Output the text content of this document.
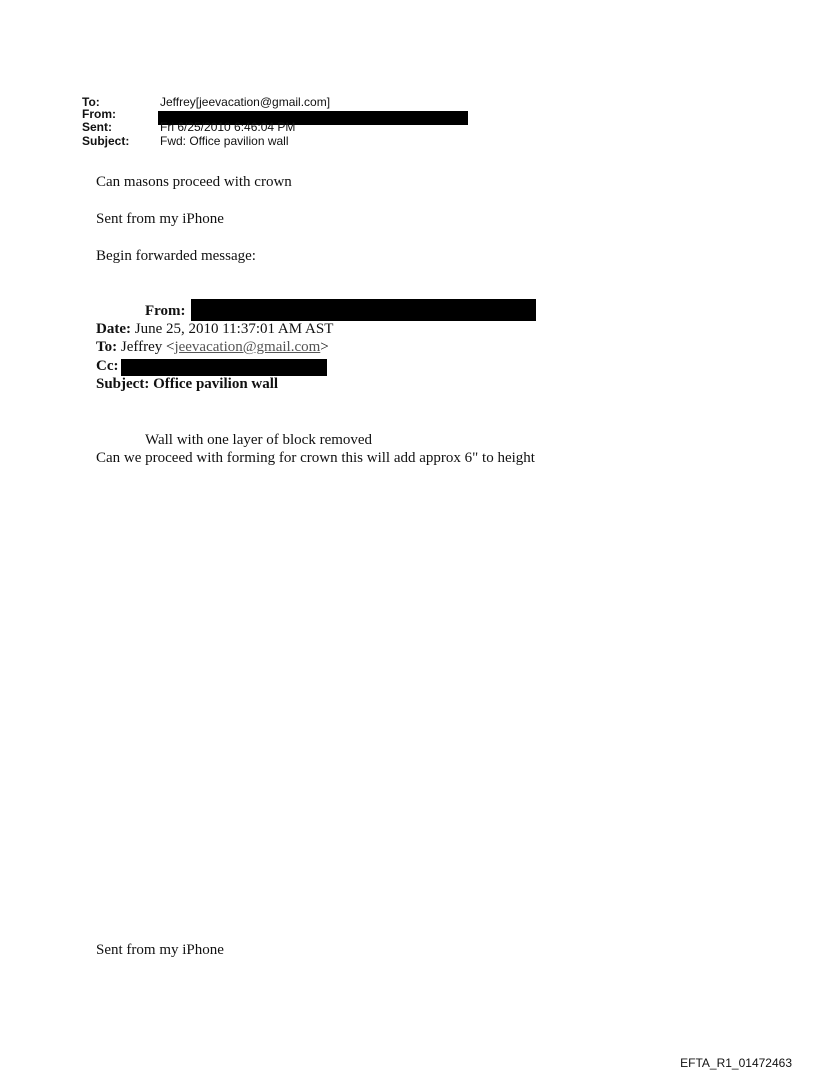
To:	Jeffrey[jeevacation@gmail.com]
From:
Sent:	Fri 6/25/2010 6:46:04 PM
Subject:	Fwd: Office pavilion wall
Can masons proceed with crown
Sent from my iPhone
Begin forwarded message:
From:
Date: June 25, 2010 11:37:01 AM AST
To: Jeffrey <jeevacation@gmail.com>
Cc:
Subject: Office pavilion wall
Wall with one layer of block removed
Can we proceed with forming for crown this will add approx 6" to height
Sent from my iPhone
EFTA_R1_01472463
